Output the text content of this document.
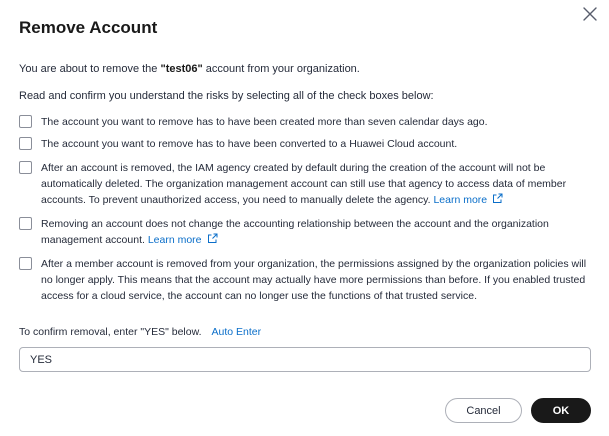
Remove Account
You are about to remove the "test06" account from your organization.
Read and confirm you understand the risks by selecting all of the check boxes below:
The account you want to remove has to have been created more than seven calendar days ago.
The account you want to remove has to have been converted to a Huawei Cloud account.
After an account is removed, the IAM agency created by default during the creation of the account will not be automatically deleted. The organization management account can still use that agency to access data of member accounts. To prevent unauthorized access, you need to manually delete the agency. Learn more
Removing an account does not change the accounting relationship between the account and the organization management account. Learn more
After a member account is removed from your organization, the permissions assigned by the organization policies will no longer apply. This means that the account may actually have more permissions than before. If you enabled trusted access for a cloud service, the account can no longer use the functions of that trusted service.
To confirm removal, enter "YES" below. Auto Enter
YES
Cancel	OK
